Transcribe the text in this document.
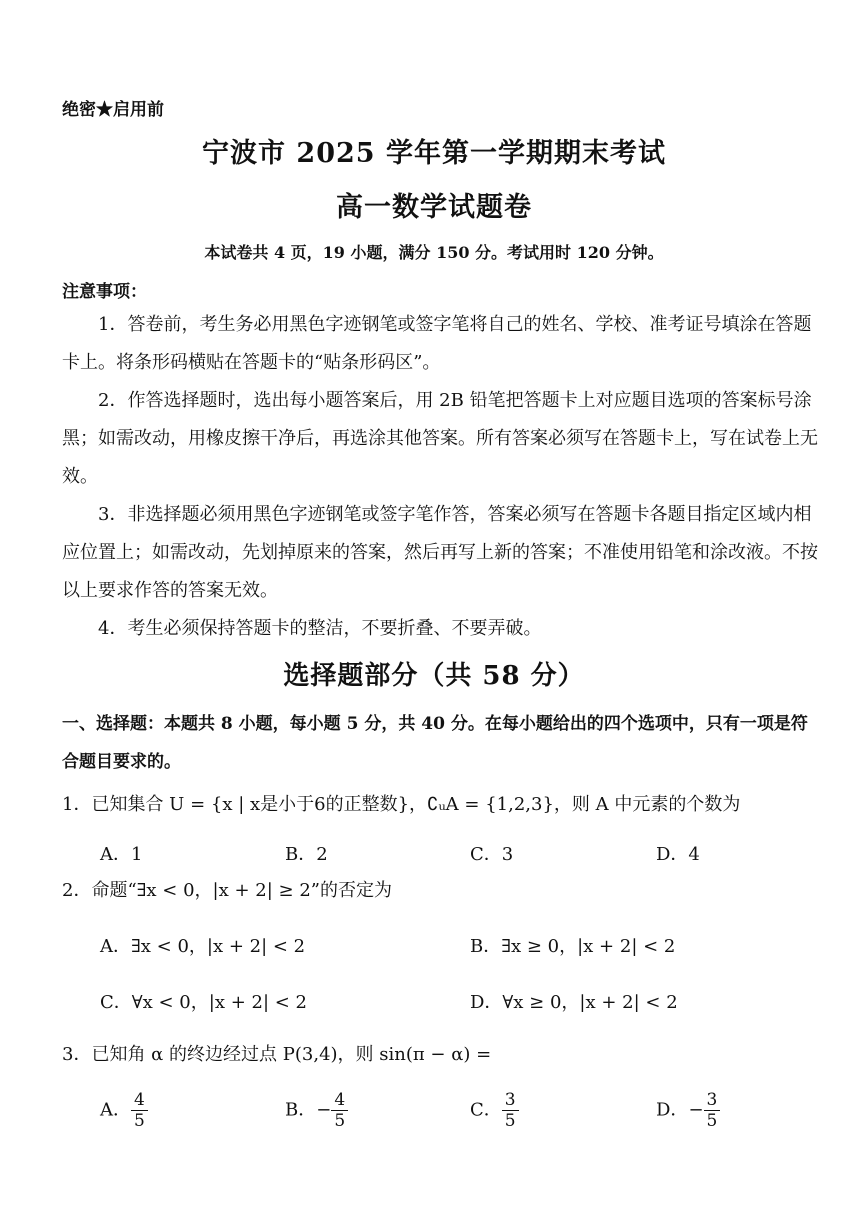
绝密★启用前
宁波市 2025 学年第一学期期末考试
高一数学试题卷
本试卷共 4 页，19 小题，满分 150 分。考试用时 120 分钟。
注意事项：
1．答卷前，考生务必用黑色字迹钢笔或签字笔将自己的姓名、学校、准考证号填涂在答题卡上。将条形码横贴在答题卡的“贴条形码区”。
2．作答选择题时，选出每小题答案后，用 2B 铅笔把答题卡上对应题目选项的答案标号涂黑；如需改动，用橡皮擦干净后，再选涂其他答案。所有答案必须写在答题卡上，写在试卷上无效。
3．非选择题必须用黑色字迹钢笔或签字笔作答，答案必须写在答题卡各题目指定区域内相应位置上；如需改动，先划掉原来的答案，然后再写上新的答案；不准使用铅笔和涂改液。不按以上要求作答的答案无效。
4．考生必须保持答题卡的整洁，不要折叠、不要弄破。
选择题部分（共 58 分）
一、选择题：本题共 8 小题，每小题 5 分，共 40 分。在每小题给出的四个选项中，只有一项是符合题目要求的。
1．已知集合 U = {x | x是小于6的正整数}，∁ᵤA = {1,2,3}，则 A 中元素的个数为
A．1	B．2	C．3	D．4
2．命题“∃x < 0，|x + 2| ≥ 2”的否定为
A．∃x < 0，|x + 2| < 2	B．∃x ≥ 0，|x + 2| < 2
C．∀x < 0，|x + 2| < 2	D．∀x ≥ 0，|x + 2| < 2
3．已知角 α 的终边经过点 P(3,4)，则 sin(π − α) =
A． $\frac{4}{5}$	B．− $\frac{4}{5}$	C． $\frac{3}{5}$	D．− $\frac{3}{5}$
